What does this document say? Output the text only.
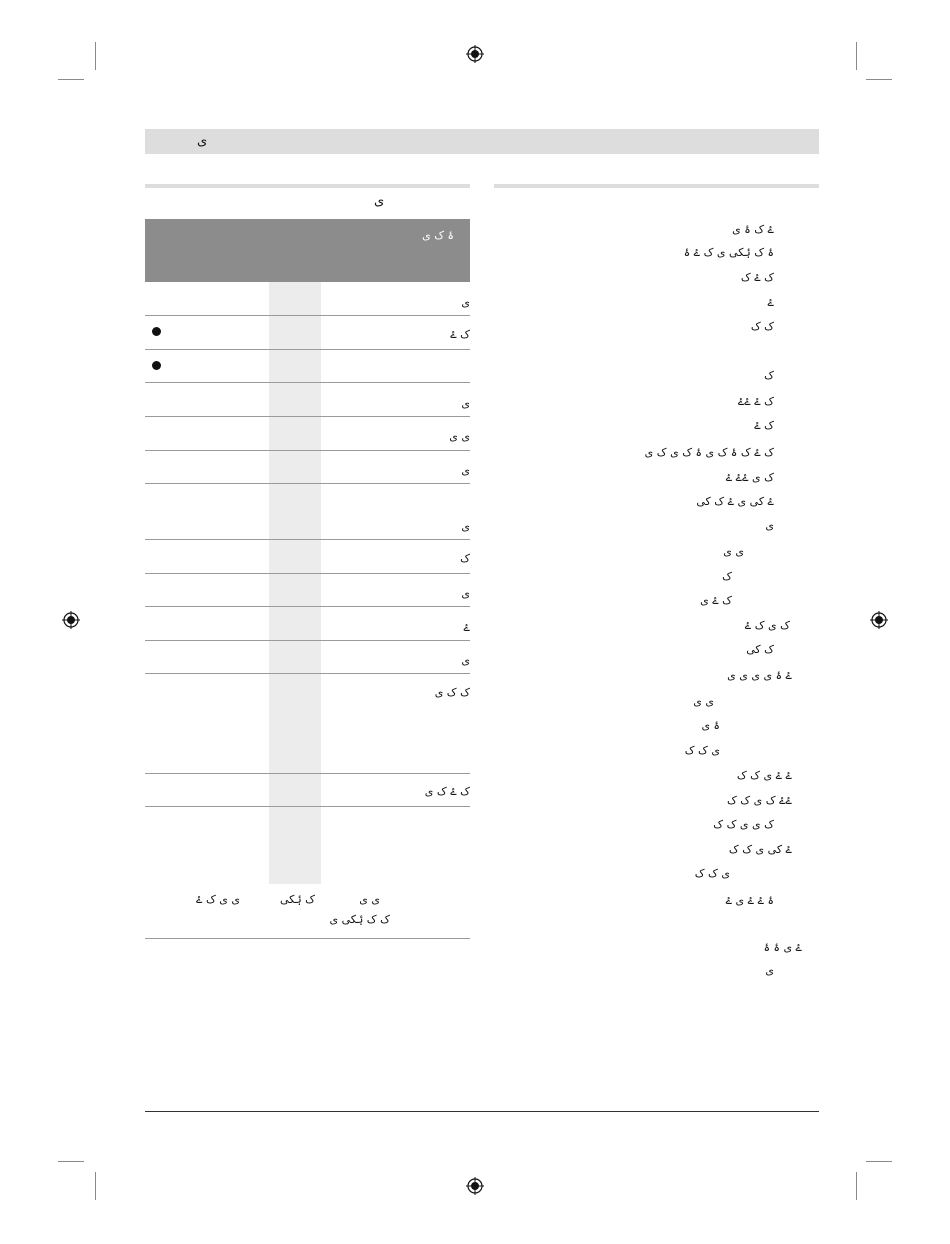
ی
ی
ۂ ک ی
ی
ک ۓ
ی
ی ی
ی
ی
ک
ی
ۓ
ی
ک ک ی
ک ۓ ک ی
ی ی ک ۓ	ک ۂکی	ی ی
ک ک ۂکی ی
ۓ ک ۂ ی
ۂ ک ۂکی ی ک ۓ ۂ
ک ۓ ک
ۓ
ک ک
ک
ک ۓ ۓۓ
ک ۓ
ک ۓ ک ۂ ک ی ۂ ک ی ک ی
ک ی ۓۓ ۓ
ۓ کی ی ۓ ک کی
ی
ی ی
ک
ک ۓ ی
ک ی ک ۓ
ک کی
ۓ ۂ ی ی ی ی
ی ی
ۂ ی
ی ک ک
ۓ ۓ ی ک ک
ۓۓ ک ی ک ک
ک ی ی ک ک
ۓ کی ی ک ک
ی ک ک
ۂ ۓ ۓ ی ۓ
ۓ ی ۂ ۂ
ی
